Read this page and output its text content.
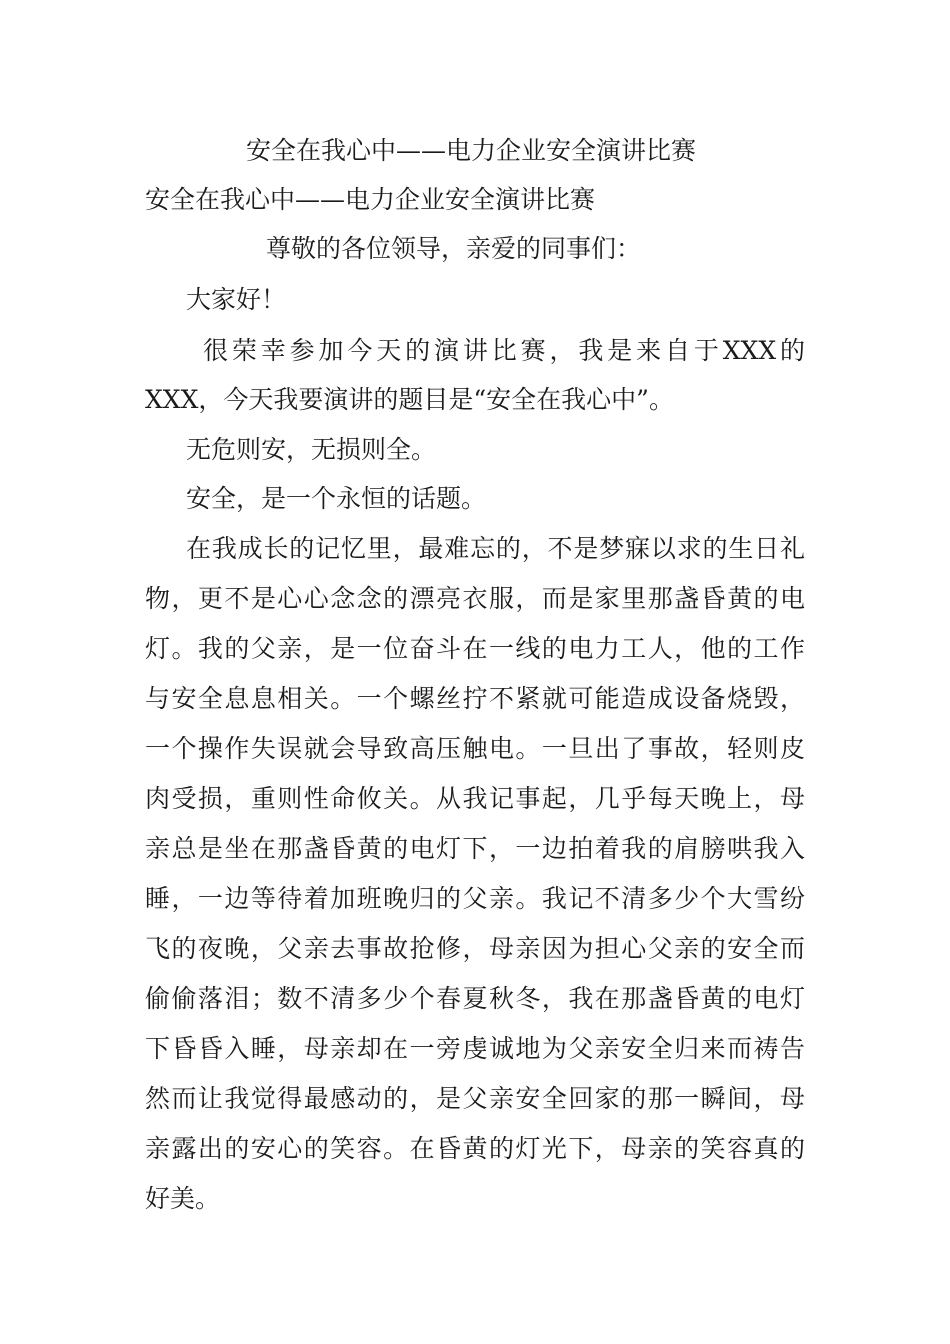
安全在我心中——电力企业安全演讲比赛
安全在我心中——电力企业安全演讲比赛
尊敬的各位领导，亲爱的同事们：
大家好！
很荣幸参加今天的演讲比赛，我是来自于XXX的
XXX，今天我要演讲的题目是“安全在我心中”。
无危则安，无损则全。
安全，是一个永恒的话题。
在我成长的记忆里，最难忘的，不是梦寐以求的生日礼
物，更不是心心念念的漂亮衣服，而是家里那盏昏黄的电
灯。我的父亲，是一位奋斗在一线的电力工人，他的工作
与安全息息相关。一个螺丝拧不紧就可能造成设备烧毁，
一个操作失误就会导致高压触电。一旦出了事故，轻则皮
肉受损，重则性命攸关。从我记事起，几乎每天晚上，母
亲总是坐在那盏昏黄的电灯下，一边拍着我的肩膀哄我入
睡，一边等待着加班晚归的父亲。我记不清多少个大雪纷
飞的夜晚，父亲去事故抢修，母亲因为担心父亲的安全而
偷偷落泪；数不清多少个春夏秋冬，我在那盏昏黄的电灯
下昏昏入睡，母亲却在一旁虔诚地为父亲安全归来而祷告
然而让我觉得最感动的，是父亲安全回家的那一瞬间，母
亲露出的安心的笑容。在昏黄的灯光下，母亲的笑容真的
好美。
